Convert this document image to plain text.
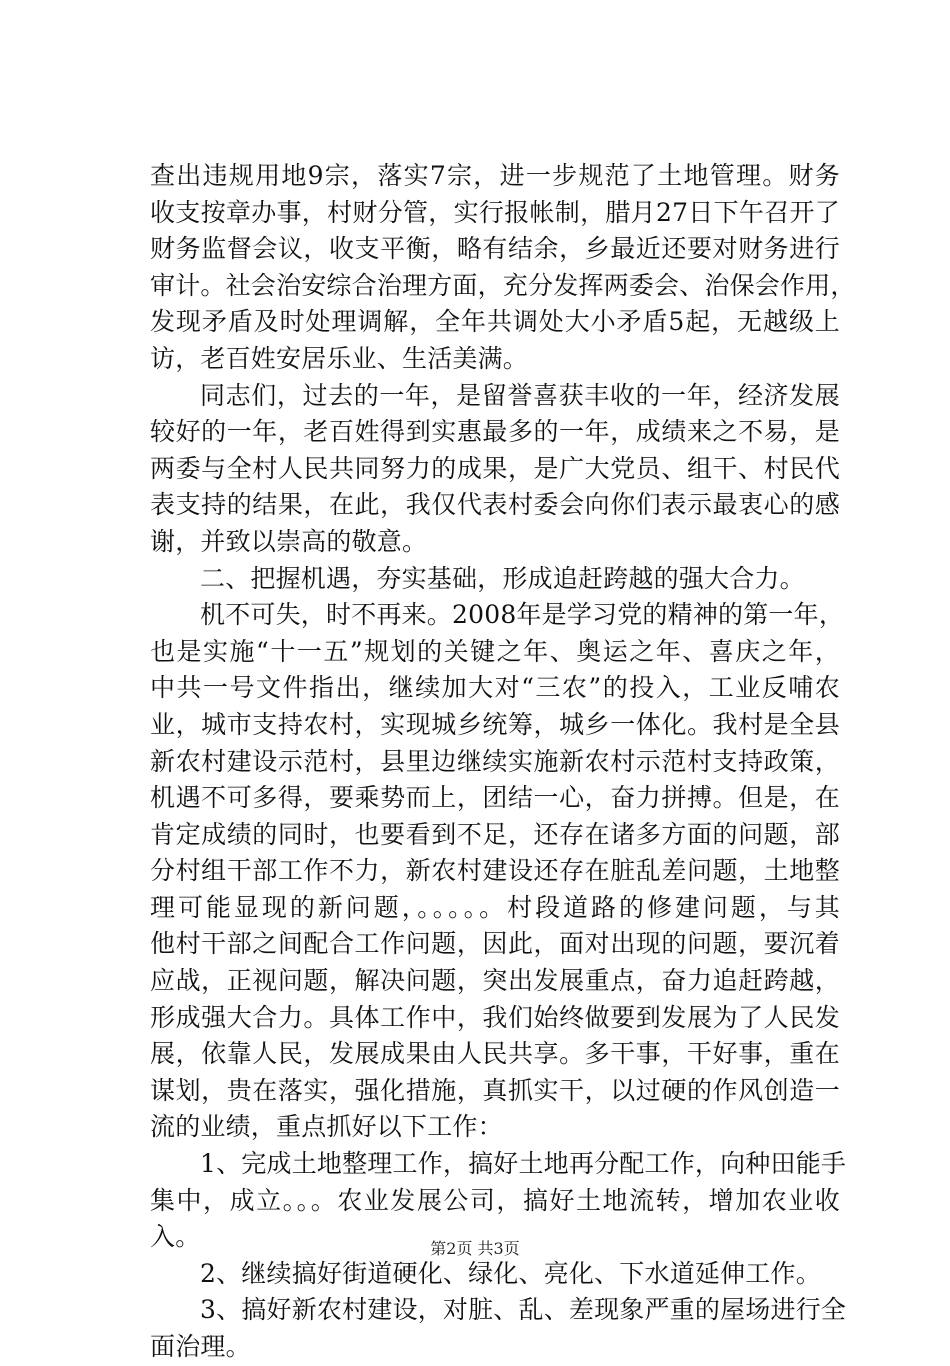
查出违规用地9宗，落实7宗，进一步规范了土地管理。财务
收支按章办事，村财分管，实行报帐制，腊月27日下午召开了
财务监督会议，收支平衡，略有结余，乡最近还要对财务进行
审计。社会治安综合治理方面，充分发挥两委会、治保会作用，
发现矛盾及时处理调解，全年共调处大小矛盾5起，无越级上
访，老百姓安居乐业、生活美满。
同志们，过去的一年，是留誉喜获丰收的一年，经济发展
较好的一年，老百姓得到实惠最多的一年，成绩来之不易，是
两委与全村人民共同努力的成果，是广大党员、组干、村民代
表支持的结果，在此，我仅代表村委会向你们表示最衷心的感
谢，并致以崇高的敬意。
二、把握机遇，夯实基础，形成追赶跨越的强大合力。
机不可失，时不再来。2008年是学习党的精神的第一年，
也是实施“十一五”规划的关键之年、奥运之年、喜庆之年，
中共一号文件指出，继续加大对“三农”的投入，工业反哺农
业，城市支持农村，实现城乡统筹，城乡一体化。我村是全县
新农村建设示范村，县里边继续实施新农村示范村支持政策，
机遇不可多得，要乘势而上，团结一心，奋力拼搏。但是，在
肯定成绩的同时，也要看到不足，还存在诸多方面的问题，部
分村组干部工作不力，新农村建设还存在脏乱差问题，土地整
理可能显现的新问题，。。。。。村段道路的修建问题，与其
他村干部之间配合工作问题，因此，面对出现的问题，要沉着
应战，正视问题，解决问题，突出发展重点，奋力追赶跨越，
形成强大合力。具体工作中，我们始终做要到发展为了人民发
展，依靠人民，发展成果由人民共享。多干事，干好事，重在
谋划，贵在落实，强化措施，真抓实干，以过硬的作风创造一
流的业绩，重点抓好以下工作：
1、完成土地整理工作，搞好土地再分配工作，向种田能手
集中，成立。。。农业发展公司，搞好土地流转，增加农业收
入。
2、继续搞好街道硬化、绿化、亮化、下水道延伸工作。
3、搞好新农村建设，对脏、乱、差现象严重的屋场进行全
面治理。
第2页 共3页
